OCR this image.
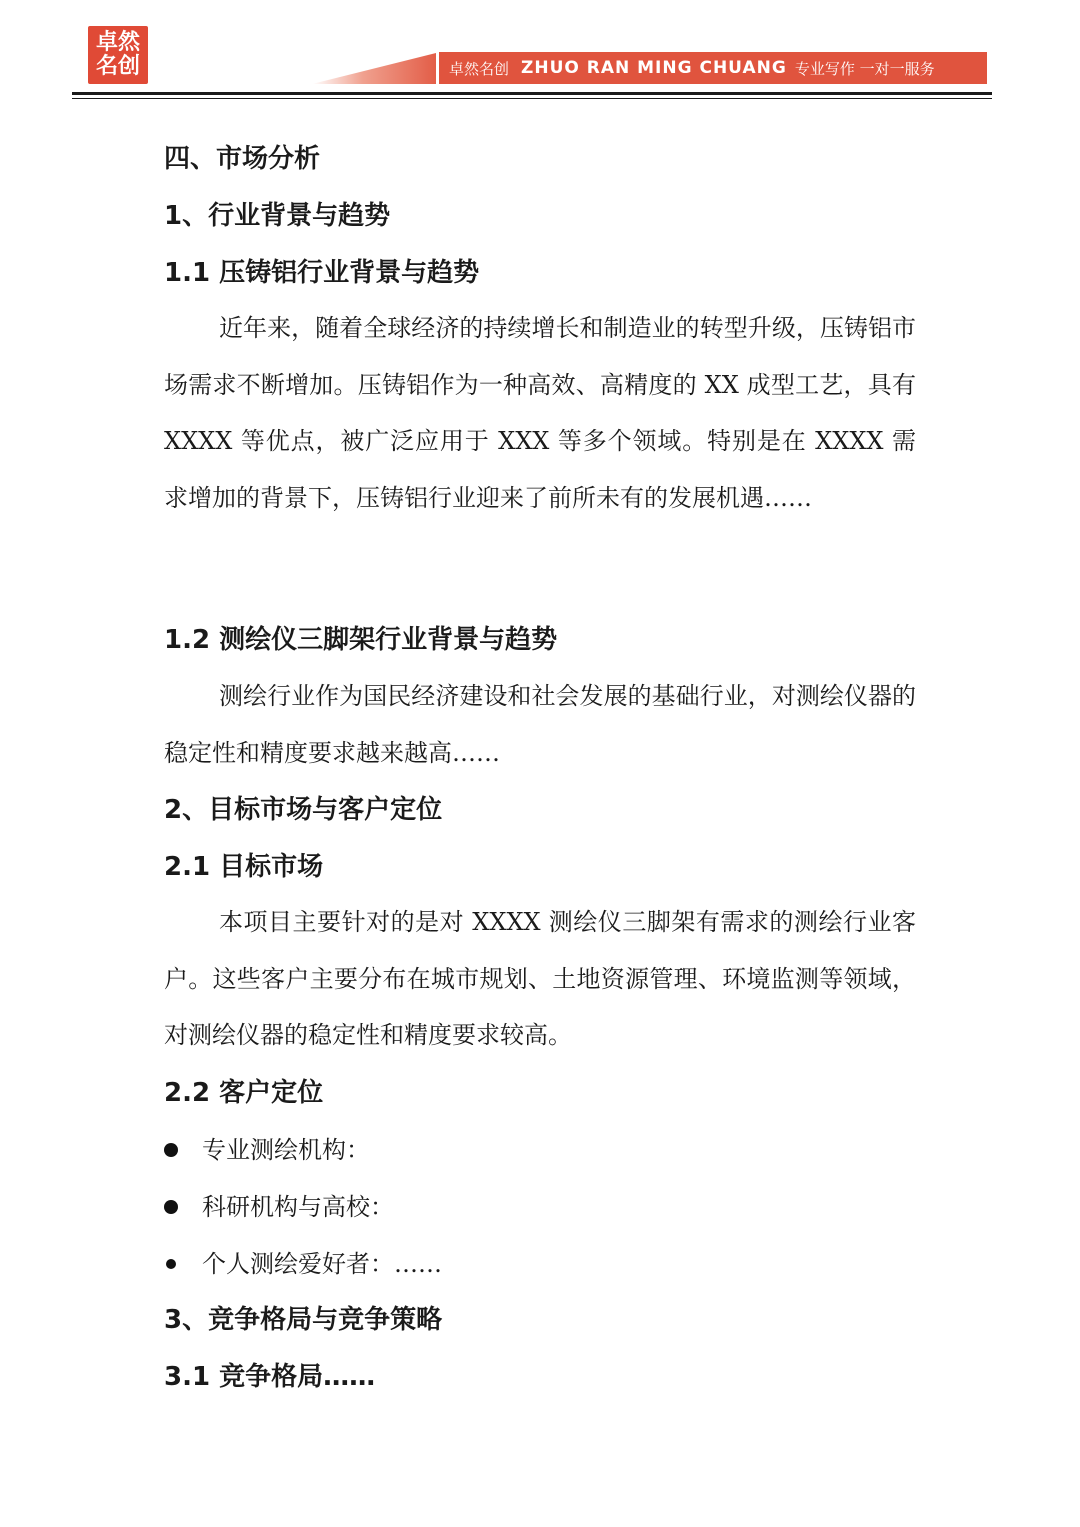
卓然
名创	卓然名创 ZHUO RAN MING CHUANG 专业写作 一对一服务
四、市场分析
1、行业背景与趋势
1.1 压铸铝行业背景与趋势
近年来，随着全球经济的持续增长和制造业的转型升级，压铸铝市场需求不断增加。压铸铝作为一种高效、高精度的 XX 成型工艺，具有 XXXX 等优点，被广泛应用于 XXX 等多个领域。特别是在 XXXX 需求增加的背景下，压铸铝行业迎来了前所未有的发展机遇……
1.2 测绘仪三脚架行业背景与趋势
测绘行业作为国民经济建设和社会发展的基础行业，对测绘仪器的稳定性和精度要求越来越高……
2、目标市场与客户定位
2.1 目标市场
本项目主要针对的是对 XXXX 测绘仪三脚架有需求的测绘行业客户。这些客户主要分布在城市规划、土地资源管理、环境监测等领域，对测绘仪器的稳定性和精度要求较高。
2.2 客户定位
专业测绘机构：
科研机构与高校：
个人测绘爱好者：……
3、竞争格局与竞争策略
3.1 竞争格局……
